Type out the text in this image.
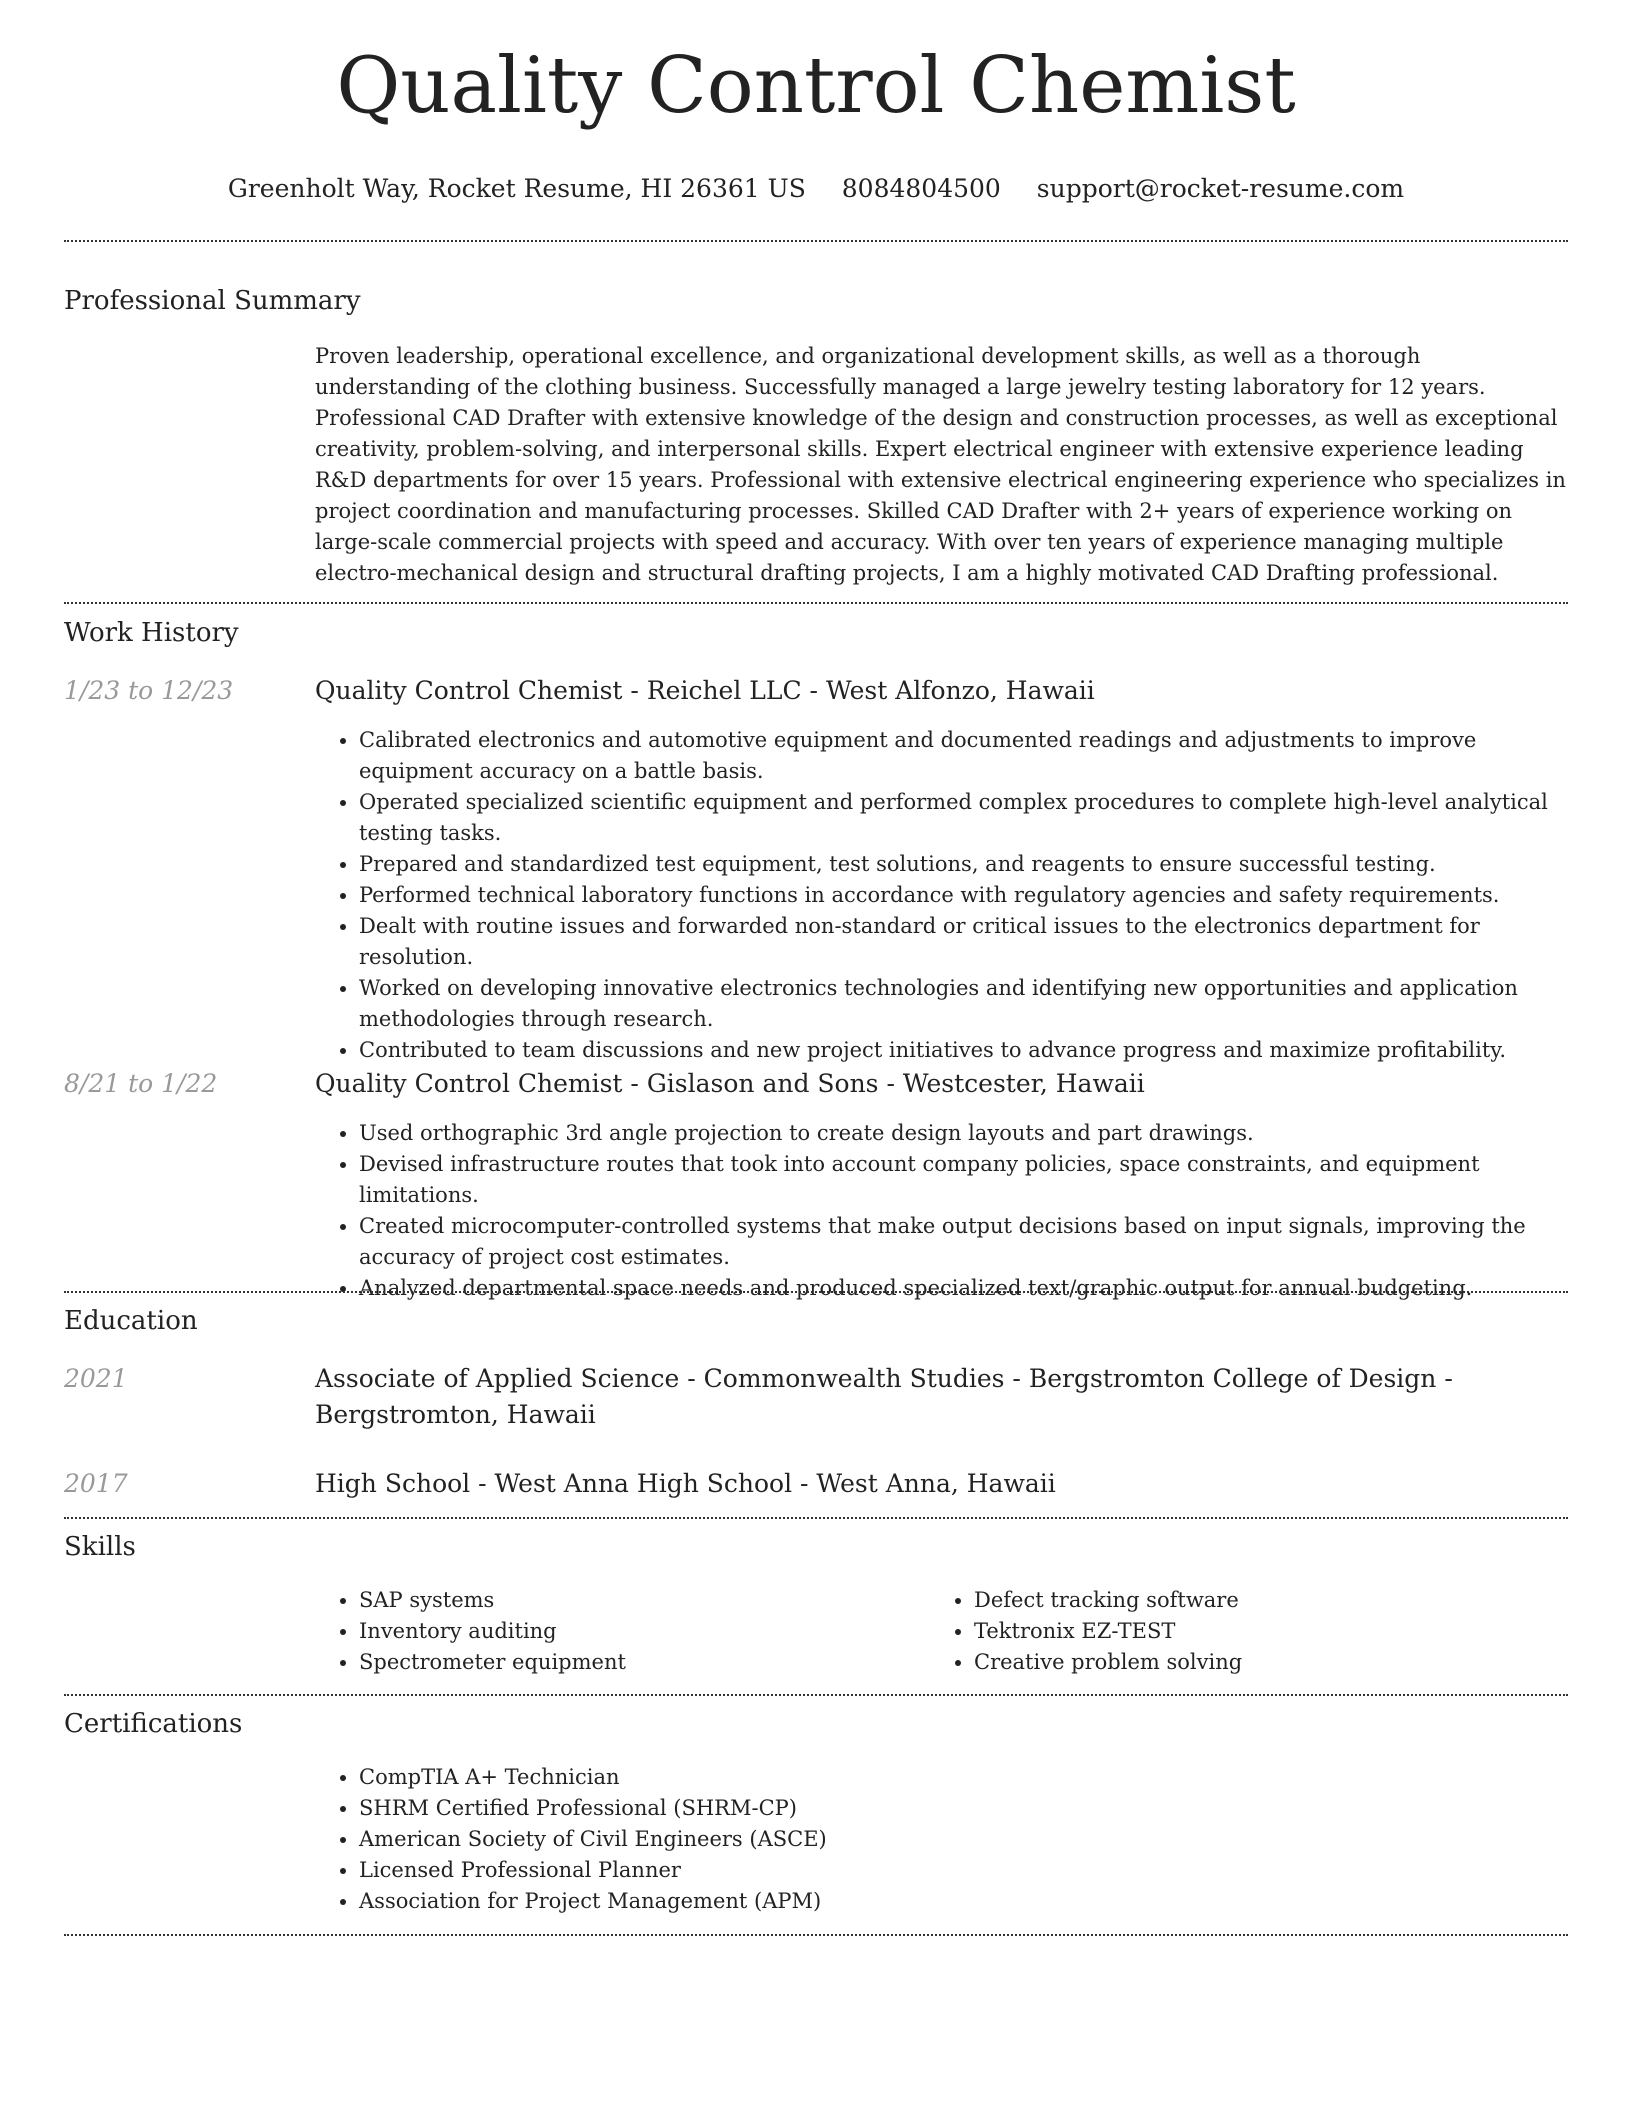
Quality Control Chemist
Greenholt Way, Rocket Resume, HI 26361 US 8084804500 support@rocket-resume.com
Professional Summary
Proven leadership, operational excellence, and organizational development skills, as well as a thorough understanding of the clothing business. Successfully managed a large jewelry testing laboratory for 12 years. Professional CAD Drafter with extensive knowledge of the design and construction processes, as well as exceptional creativity, problem-solving, and interpersonal skills. Expert electrical engineer with extensive experience leading R&D departments for over 15 years. Professional with extensive electrical engineering experience who specializes in project coordination and manufacturing processes. Skilled CAD Drafter with 2+ years of experience working on large-scale commercial projects with speed and accuracy. With over ten years of experience managing multiple electro-mechanical design and structural drafting projects, I am a highly motivated CAD Drafting professional.
Work History
1/23 to 12/23	Quality Control Chemist - Reichel LLC - West Alfonzo, Hawaii
• Calibrated electronics and automotive equipment and documented readings and adjustments to improve equipment accuracy on a battle basis.
• Operated specialized scientific equipment and performed complex procedures to complete high-level analytical testing tasks.
• Prepared and standardized test equipment, test solutions, and reagents to ensure successful testing.
• Performed technical laboratory functions in accordance with regulatory agencies and safety requirements.
• Dealt with routine issues and forwarded non-standard or critical issues to the electronics department for resolution.
• Worked on developing innovative electronics technologies and identifying new opportunities and application methodologies through research.
• Contributed to team discussions and new project initiatives to advance progress and maximize profitability.
8/21 to 1/22	Quality Control Chemist - Gislason and Sons - Westcester, Hawaii
• Used orthographic 3rd angle projection to create design layouts and part drawings.
• Devised infrastructure routes that took into account company policies, space constraints, and equipment limitations.
• Created microcomputer-controlled systems that make output decisions based on input signals, improving the accuracy of project cost estimates.
• Analyzed departmental space needs and produced specialized text/graphic output for annual budgeting.
Education
2021	Associate of Applied Science - Commonwealth Studies - Bergstromton College of Design - Bergstromton, Hawaii
2017	High School - West Anna High School - West Anna, Hawaii
Skills
• SAP systems
• Inventory auditing
• Spectrometer equipment
• Defect tracking software
• Tektronix EZ-TEST
• Creative problem solving
Certifications
• CompTIA A+ Technician
• SHRM Certified Professional (SHRM-CP)
• American Society of Civil Engineers (ASCE)
• Licensed Professional Planner
• Association for Project Management (APM)
